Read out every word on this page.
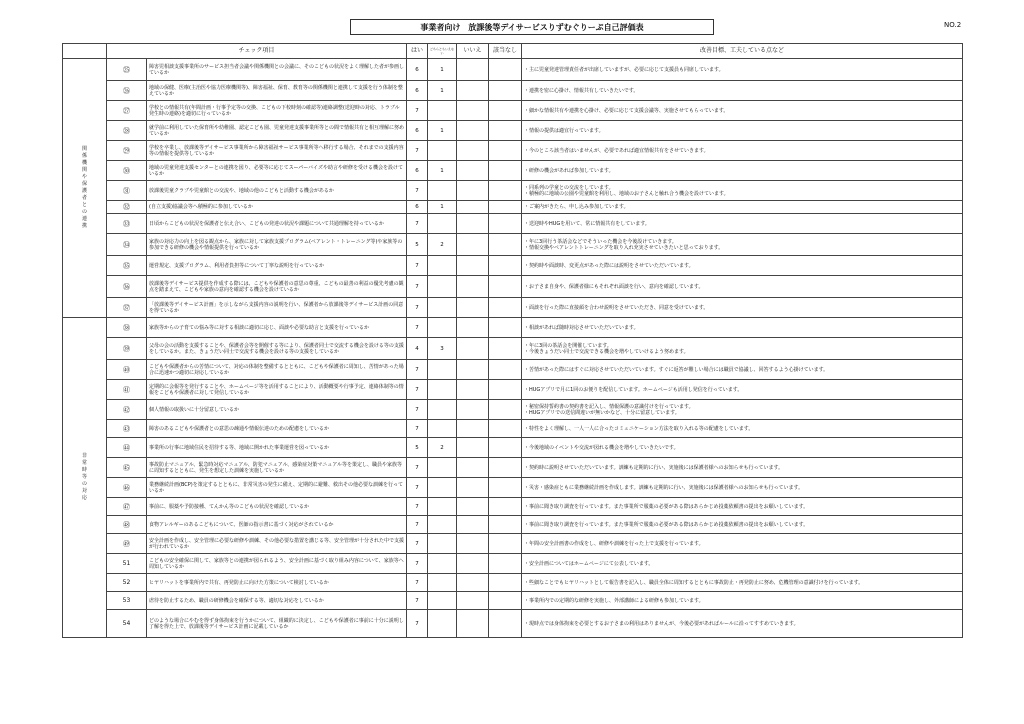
事業者向け　放課後等デイサービスりずむぐりーぷ自己評価表	NO.2
	チェック項目		はい	どちらともいえない	いいえ	該当なし	改善目標、工夫している点など
関係機関や保護者との連携	㉕	障害児相談支援事業所のサービス担当者会議や関係機関との会議に、そのこどもの状況をよく理解した者が参画しているか	6	1			・主に児童発達管理責任者が出席していますが、必要に応じて支援員も同席しています。
	㉖	地域の保健、医療(主治医や協力医療機関等)、障害福祉、保育、教育等の関係機関と連携して支援を行う体制を整えているか	6	1			・連携を密に心掛け、情報共有していきたいです。
	㉗	学校との情報共有(年間計画・行事予定等の交換、こどもの下校時刻の確認等)連絡調整(送迎時の対応、トラブル発生時の連絡)を適切に行っているか	7				・細かな情報共有や連携を心掛け、必要に応じて支援会議等、実施させてもらっています。
	㉘	就学前に利用していた保育所や幼稚園、認定こども園、児童発達支援事業所等との間で情報共有と相互理解に努めているか	6	1			・情報の提供は適宜行っています。
	㉙	学校を卒業し、放課後等デイサービス事業所から障害福祉サービス事業所等へ移行する場合、それまでの支援内容等の情報を提供等しているか	7				・今のところ該当者はいませんが、必要であれば適宜情報共有をさせていきます。
	㉚	地域の児童発達支援センターとの連携を図り、必要等に応じてスーパーバイズや助言や研修を受ける機会を設けているか	6	1			・研修の機会があれば参加しています。
	㉛	放課後児童クラブや児童館との交流や、地域の他のこどもと活動する機会があるか	7				・同系列の学童との交流をしています。
・積極的に地域の公園や児童館を利用し、地域のお子さんと触れ合う機会を設けています。
	㉜	(自立支援)協議会等へ積極的に参加しているか	6	1			・ご案内がきたら、申し込み参加しています。
	㉝	日頃からこどもの状況を保護者と伝え合い、こどもの発達の状況や課題について共通理解を持っているか	7				・送迎時やHUGを用いて、常に情報共有をしています。
	㉞	家族の対応力の向上を図る観点から、家族に対して家族支援プログラム(ペアレント・トレーニング等)や家族等の参加できる研修の機会や情報提供を行っているか	5	2			・年に3回行う茶話会などでそういった機会を今後設けていきます。
・情報交換やペアレントトレーニングを取り入れ充実させていきたいと思っております。
	㉟	運営規定、支援プログラム、利用者負担等について丁寧な説明を行っているか	7				・契約時や面談時、変更点があった際には説明をさせていただいています。
	㊱	放課後等デイサービス提供を作成する際には、こどもや保護者の意思の尊重、こどもの最善の利益の優先考慮の観点を踏まえて、こどもや家族の意向を確認する機会を設けているか	7				・お子さま自身や、保護者様にもそれぞれ面談を行い、意向を確認しています。
	㊲	「放課後等デイサービス計画」を示しながら支援内容の説明を行い、保護者から放課後等デイサービス計画の同意を得ているか	7				・面談を行った際に直接顔を合わせ説明をさせていただき、同意を受けています。
非常時等の対応	㊳	家族等からの子育ての悩み等に対する相談に適切に応じ、面談や必要な助言と支援を行っているか	7				・相談があれば随時対応させていただいています。
	㊴	父母の会の活動を支援することや、保護者会等を開催する等により、保護者同士で交流する機会を設ける等の支援をしているか。また、きょうだい同士で交流する機会を設ける等の支援をしているか	4	3			・年に3回の茶話会を開催しています。
・今後きょうだい同士で交流できる機会を増やしていけるよう努めます。
	㊵	こどもや保護者からの苦情について、対応の体制を整備するとともに、こどもや保護者に周知し、苦情があった場合に迅速かつ適切に対応しているか	7				・苦情があった際にはすぐに対応させていただいています。すぐに返答が難しい場合には職員で協議し、回答するよう心掛けています。
	㊶	定期的に会報等を発行することや、ホームページ等を活用することにより、活動概要や行事予定、連絡体制等の情報をこどもや保護者に対して発信しているか	7				・HUGアプリで月に1回のお便りを配信しています。ホームページも活用し発信を行っています。
	㊷	個人情報の取扱いに十分留意しているか	7				・秘密保持誓約書の契約書を記入し、情報保護の意識付けを行っています。
・HUGアプリでの送信間違いが無いかなど、十分に留意しています。
	㊸	障害のあるこどもや保護者との意思の疎通や情報伝達のための配慮をしているか	7				・特性をよく理解し、一人一人に合ったコミュニケーション方法を取り入れる等の配慮をしています。
	㊹	事業所の行事に地域住民を招待する等、地域に開かれた事業運営を図っているか	5	2			・今後地域のイベントや交流が図れる機会を増やしていきたいです。
	㊺	事故防止マニュアル、緊急時対応マニュアル、防犯マニュアル、感染症対策マニュアル等を策定し、職員や家族等に周知するとともに、発生を想定した訓練を実施しているか	7				・契約時に説明させていただいています。訓練も定期的に行い、実施後には保護者様へのお知らせも行っています。
	㊻	業務継続計画(BCP)を策定するとともに、非常災害の発生に備え、定期的に避難、救出その他必要な訓練を行っているか	7				・災害・感染症ともに業務継続計画を作成します。訓練も定期的に行い、実施後には保護者様へのお知らせも行っています。
	㊼	事前に、服薬や予防接種、てんかん等のこどもの状況を確認しているか	7				・事前に聞き取り調査を行っています。また事業所で服薬の必要がある際はあらかじめ投薬依頼書の提出をお願いしています。
	㊽	食物アレルギーのあるこどもについて、医師の指示書に基づく対応がされているか	7				・事前に聞き取り調査を行っています。また事業所で服薬の必要がある際はあらかじめ投薬依頼書の提出をお願いしています。
	㊾	安全計画を作成し、安全管理に必要な研修や訓練、その他必要な措置を講じる等、安全管理が十分された中で支援が行われているか	7				・年間の安全計画書の作成をし、研修や訓練を行った上で支援を行っています。
	51	こどもの安全確保に関して、家族等との連携が図られるよう、安全計画に基づく取り組み内容について、家族等へ周知しているか	7				・安全計画についてはホームページにて公表しています。
	52	ヒヤリハットを事業所内で共有、再発防止に向けた方策について検討しているか	7				・些細なことでもヒヤリハットとして報告書を記入し、職員全体に周知するとともに事故防止・再発防止に努め、危機管理の意識付けを行っています。
	53	虐待を防止するため、職員の研修機会を確保する等、適切な対応をしているか	7				・事業所内での定期的な研修を実施し、外部講師による研修も参加しています。
	54	どのような場合にやむを得ず身体拘束を行うかについて、組織的に決定し、こどもや保護者に事前に十分に説明し了解を得た上で、放課後等デイサービス計画に記載しているか	7				・現時点では身体拘束を必要とするお子さまの利用はありませんが、今後必要があればルールに沿ってすすめていきます。
